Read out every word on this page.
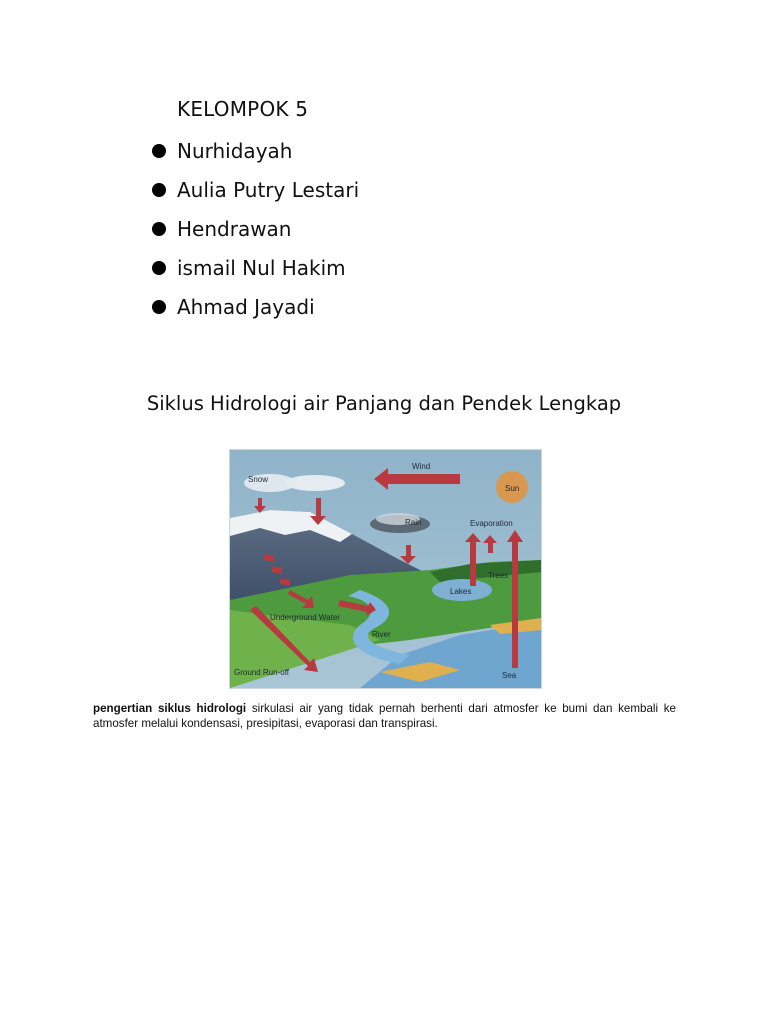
KELOMPOK 5
Nurhidayah
Aulia Putry Lestari
Hendrawan
ismail Nul Hakim
Ahmad Jayadi
Siklus Hidrologi air Panjang dan Pendek Lengkap
Snow
Wind
Sun
Rain	Evaporation
Trees
Lakes
Underground Water
River
Ground Run-off	Sea

pengertian siklus hidrologi sirkulasi air yang tidak pernah berhenti dari atmosfer ke bumi dan kembali ke atmosfer melalui kondensasi, presipitasi, evaporasi dan transpirasi.
